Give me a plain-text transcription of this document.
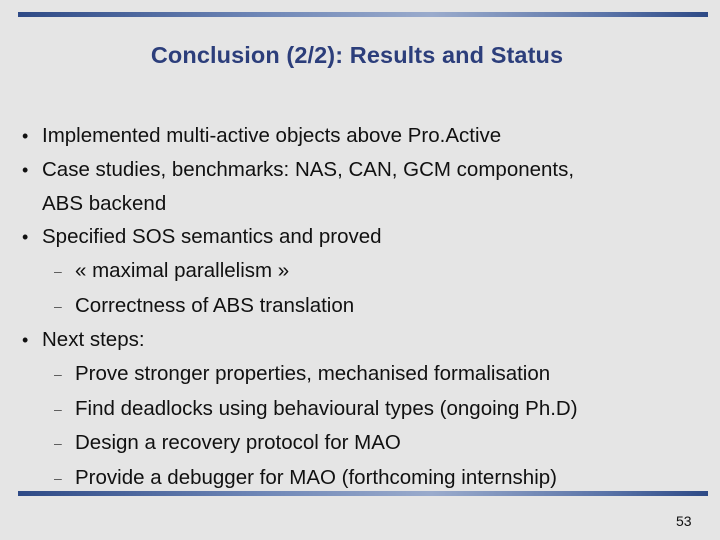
Conclusion (2/2): Results and Status
• Implemented multi-active objects above Pro.Active
• Case studies, benchmarks: NAS, CAN, GCM components,
ABS backend
• Specified SOS semantics and proved
– « maximal parallelism »
– Correctness of ABS translation
• Next steps:
– Prove stronger properties, mechanised formalisation
– Find deadlocks using behavioural types (ongoing Ph.D)
– Design a recovery protocol for MAO
– Provide a debugger for MAO (forthcoming internship)
53
